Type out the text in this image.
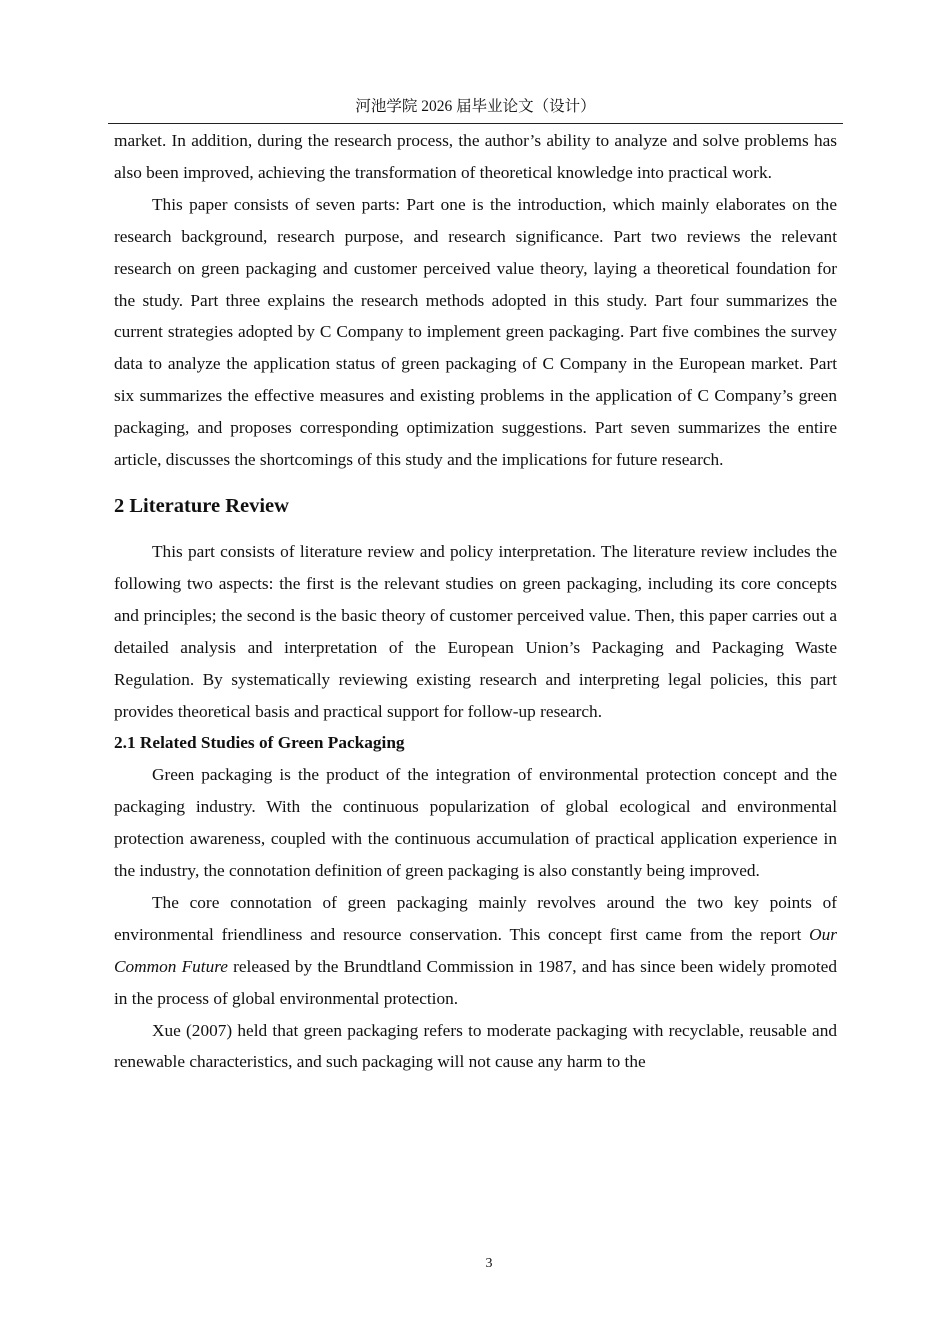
河池学院 2026 届毕业论文（设计）

market. In addition, during the research process, the author’s ability to analyze and solve problems has also been improved, achieving the transformation of theoretical knowledge into practical work.

This paper consists of seven parts: Part one is the introduction, which mainly elaborates on the research background, research purpose, and research significance. Part two reviews the relevant research on green packaging and customer perceived value theory, laying a theoretical foundation for the study. Part three explains the research methods adopted in this study. Part four summarizes the current strategies adopted by C Company to implement green packaging. Part five combines the survey data to analyze the application status of green packaging of C Company in the European market. Part six summarizes the effective measures and existing problems in the application of C Company’s green packaging, and proposes corresponding optimization suggestions. Part seven summarizes the entire article, discusses the shortcomings of this study and the implications for future research.

2 Literature Review

This part consists of literature review and policy interpretation. The literature review includes the following two aspects: the first is the relevant studies on green packaging, including its core concepts and principles; the second is the basic theory of customer perceived value. Then, this paper carries out a detailed analysis and interpretation of the European Union’s Packaging and Packaging Waste Regulation. By systematically reviewing existing research and interpreting legal policies, this part provides theoretical basis and practical support for follow-up research.

2.1 Related Studies of Green Packaging

Green packaging is the product of the integration of environmental protection concept and the packaging industry. With the continuous popularization of global ecological and environmental protection awareness, coupled with the continuous accumulation of practical application experience in the industry, the connotation definition of green packaging is also constantly being improved.

The core connotation of green packaging mainly revolves around the two key points of environmental friendliness and resource conservation. This concept first came from the report Our Common Future released by the Brundtland Commission in 1987, and has since been widely promoted in the process of global environmental protection.

Xue (2007) held that green packaging refers to moderate packaging with recyclable, reusable and renewable characteristics, and such packaging will not cause any harm to the

3
